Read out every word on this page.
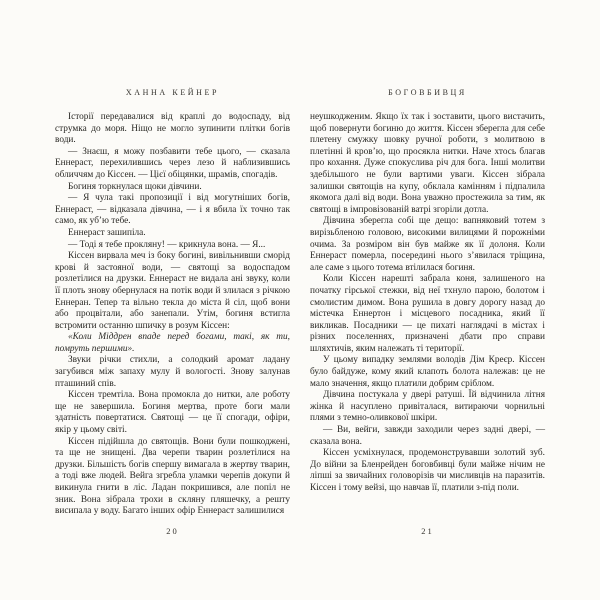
ХАННА КЕЙНЕР

Історії передавалися від краплі до водоспаду, від струмка до моря. Ніщо не могло зупинити плітки богів води.

— Знаєш, я можу позбавити тебе цього, — сказала Еннераст, перехилившись через лезо й наблизившись обличчям до Кіссен. — Цієї обіцянки, шрамів, спогадів.

Богиня торкнулася щоки дівчини.

— Я чула такі пропозиції і від могутніших богів, Еннераст, — відказала дівчина, — і я вбила їх точно так само, як уб’ю тебе.

Еннераст зашипіла.

— Тоді я тебе прокляну! — крикнула вона. — Я...

Кіссен вирвала меч із боку богині, вивільнивши сморід крові й застояної води, — святощі за водоспадом розлетілися на друзки. Еннераст не видала ані звуку, коли її плоть знову обернулася на потік води й злилася з річкою Еннеран. Тепер та вільно текла до міста й сіл, щоб вони або процвітали, або занепали. Утім, богиня встигла встромити останню шпичку в розум Кіссен:

«Коли Міддрен впаде перед богами, такі, як ти, помруть першими».

Звуки річки стихли, а солодкий аромат ладану загубився між запаху мулу й вологості. Знову залунав пташиний спів.

Кіссен тремтіла. Вона промокла до нитки, але роботу ще не завершила. Богиня мертва, проте боги мали здатність повертатися. Святощі — це її спогади, офіри, якір у цьому світі.

Кіссен підійшла до святощів. Вони були пошкоджені, та ще не знищені. Два черепи тварин розлетілися на друзки. Більшість богів спершу вимагала в жертву тварин, а тоді вже людей. Вейга згребла уламки черепів докупи й викинула гнити в ліс. Ладан покришився, але попіл не зник. Вона зібрала трохи в скляну пляшечку, а решту висипала у воду. Багато інших офір Еннераст залишилися

20
БОГОВБИВЦЯ

неушкодженим. Якщо їх так і зоставити, цього вистачить, щоб повернути богиню до життя. Кіссен зберегла для себе плетену смужку шовку ручної роботи, з молитвою в плетінні й кров’ю, що просякла нитки. Наче хтось благав про кохання. Дуже спокуслива річ для бога. Інші молитви здебільшого не були вартими уваги. Кіссен зібрала залишки святощів на купу, обклала камінням і підпалила якомога далі від води. Вона уважно простежила за тим, як святощі в імпровізованій ватрі згоріли дотла.

Дівчина зберегла собі ще дещо: вапняковий тотем з вирізьбленою головою, високими вилицями й порожніми очима. За розміром він був майже як її долоня. Коли Еннераст померла, посередині нього з’явилася тріщина, але саме з цього тотема втілилася богиня.

Коли Кіссен нарешті забрала коня, залишеного на початку гірської стежки, від неї тхнуло парою, болотом і смолистим димом. Вона рушила в довгу дорогу назад до містечка Еннертон і місцевого посадника, який її викликав. Посадники — це пихаті наглядачі в містах і різних поселеннях, призначені дбати про справи шляхтичів, яким належать ті території.

У цьому випадку землями володів Дім Креєр. Кіссен було байдуже, кому який клапоть болота належав: це не мало значення, якщо платили добрим сріблом.

Дівчина постукала у двері ратуші. Їй відчинила літня жінка й насуплено привіталася, витираючи чорнильні плями з темно-оливкової шкіри.

— Ви, вейги, завжди заходили через задні двері, — сказала вона.

Кіссен усміхнулася, продемонструвавши золотий зуб. До війни за Бленрейден боговбивці були майже нічим не ліпші за звичайних головорізів чи мисливців на паразитів. Кіссен і тому вейзі, що навчав її, платили з-під поли.

21
